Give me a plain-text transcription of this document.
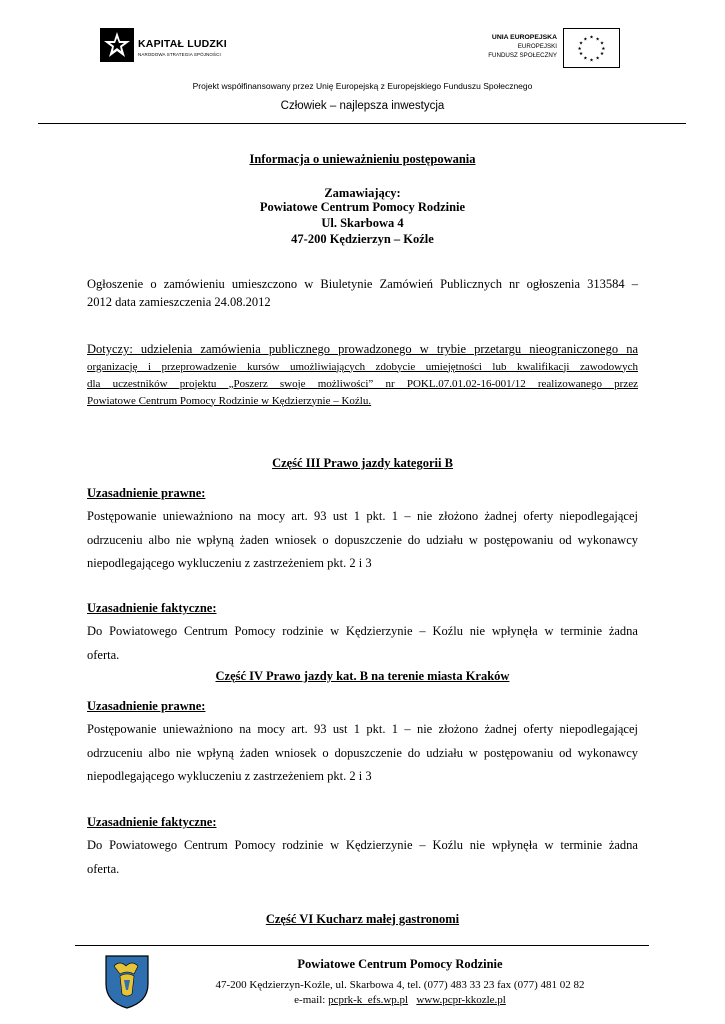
KAPITAŁ LUDZKI
NARODOWA STRATEGIA SPÓJNOŚCI
UNIA EUROPEJSKA
EUROPEJSKI
FUNDUSZ SPOŁECZNY
★ ★
★
★
★
★
★
★
★
★
★
★
Projekt współfinansowany przez Unię Europejską z Europejskiego Funduszu Społecznego
Człowiek – najlepsza inwestycja
Informacja o unieważnieniu postępowania
Zamawiający:
Powiatowe Centrum Pomocy Rodzinie
Ul. Skarbowa 4
47-200 Kędzierzyn – Koźle
Ogłoszenie o zamówieniu umieszczono w Biuletynie Zamówień Publicznych nr ogłoszenia 313584 –
2012 data zamieszczenia 24.08.2012
Dotyczy: udzielenia zamówienia publicznego prowadzonego w trybie przetargu nieograniczonego na
organizację i przeprowadzenie kursów umożliwiających zdobycie umiejętności lub kwalifikacji zawodowych
dla uczestników projektu „Poszerz swoje możliwości” nr POKL.07.01.02-16-001/12 realizowanego przez
Powiatowe Centrum Pomocy Rodzinie w Kędzierzynie – Koźlu.
Część III Prawo jazdy kategorii B
Uzasadnienie prawne:
Postępowanie unieważniono na mocy art. 93 ust 1 pkt. 1 – nie złożono żadnej oferty niepodlegającej
odrzuceniu albo nie wpłyną żaden wniosek o dopuszczenie do udziału w postępowaniu od wykonawcy
niepodlegającego wykluczeniu z zastrzeżeniem pkt. 2 i 3
Uzasadnienie faktyczne:
Do Powiatowego Centrum Pomocy rodzinie w Kędzierzynie – Koźlu nie wpłynęła w terminie żadna
oferta.
Część IV Prawo jazdy kat. B na terenie miasta Kraków
Uzasadnienie prawne:
Postępowanie unieważniono na mocy art. 93 ust 1 pkt. 1 – nie złożono żadnej oferty niepodlegającej
odrzuceniu albo nie wpłyną żaden wniosek o dopuszczenie do udziału w postępowaniu od wykonawcy
niepodlegającego wykluczeniu z zastrzeżeniem pkt. 2 i 3
Uzasadnienie faktyczne:
Do Powiatowego Centrum Pomocy rodzinie w Kędzierzynie – Koźlu nie wpłynęła w terminie żadna
oferta.
Część VI Kucharz małej gastronomi
Powiatowe Centrum Pomocy Rodzinie
47-200 Kędzierzyn-Koźle, ul. Skarbowa 4, tel. (077) 483 33 23 fax (077) 481 02 82
e-mail: pcprk-k_efs.wp.pl www.pcpr-kkozle.pl
